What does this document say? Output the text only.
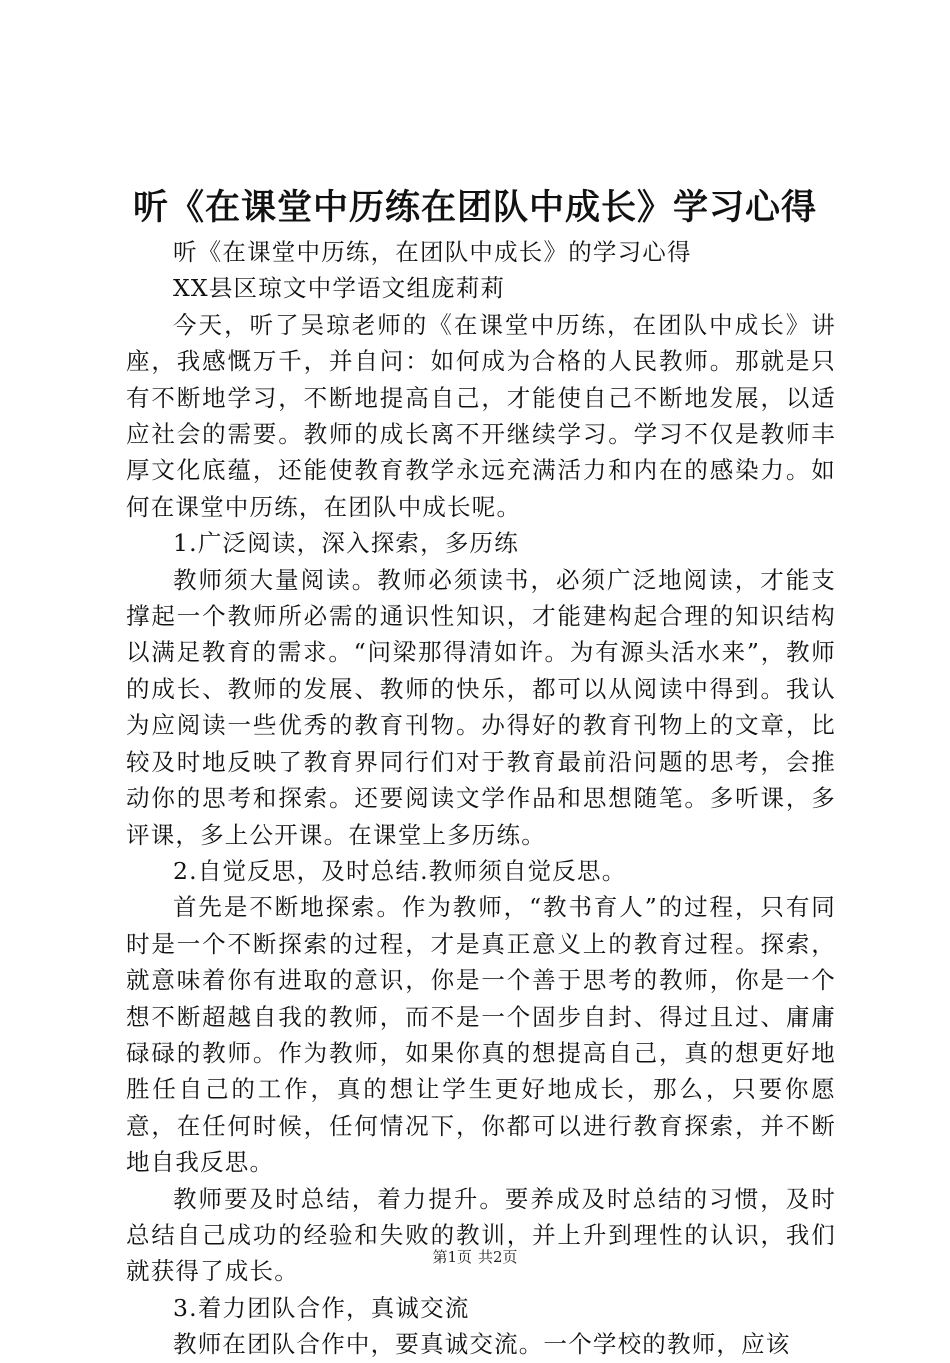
听《在课堂中历练在团队中成长》学习心得

听《在课堂中历练，在团队中成长》的学习心得

XX县区琼文中学语文组庞莉莉

今天，听了吴琼老师的《在课堂中历练，在团队中成长》讲座，我感慨万千，并自问：如何成为合格的人民教师。那就是只有不断地学习，不断地提高自己，才能使自己不断地发展，以适应社会的需要。教师的成长离不开继续学习。学习不仅是教师丰厚文化底蕴，还能使教育教学永远充满活力和内在的感染力。如何在课堂中历练，在团队中成长呢。

1.广泛阅读，深入探索，多历练

教师须大量阅读。教师必须读书，必须广泛地阅读，才能支撑起一个教师所必需的通识性知识，才能建构起合理的知识结构以满足教育的需求。“问梁那得清如许。为有源头活水来”，教师的成长、教师的发展、教师的快乐，都可以从阅读中得到。我认为应阅读一些优秀的教育刊物。办得好的教育刊物上的文章，比较及时地反映了教育界同行们对于教育最前沿问题的思考，会推动你的思考和探索。还要阅读文学作品和思想随笔。多听课，多评课，多上公开课。在课堂上多历练。

2.自觉反思，及时总结.教师须自觉反思。

首先是不断地探索。作为教师，“教书育人”的过程，只有同时是一个不断探索的过程，才是真正意义上的教育过程。探索，就意味着你有进取的意识，你是一个善于思考的教师，你是一个想不断超越自我的教师，而不是一个固步自封、得过且过、庸庸碌碌的教师。作为教师，如果你真的想提高自己，真的想更好地胜任自己的工作，真的想让学生更好地成长，那么，只要你愿意，在任何时候，任何情况下，你都可以进行教育探索，并不断地自我反思。

教师要及时总结，着力提升。要养成及时总结的习惯，及时总结自己成功的经验和失败的教训，并上升到理性的认识，我们就获得了成长。

3.着力团队合作，真诚交流

教师在团队合作中，要真诚交流。一个学校的教师，应该

第1页 共2页
